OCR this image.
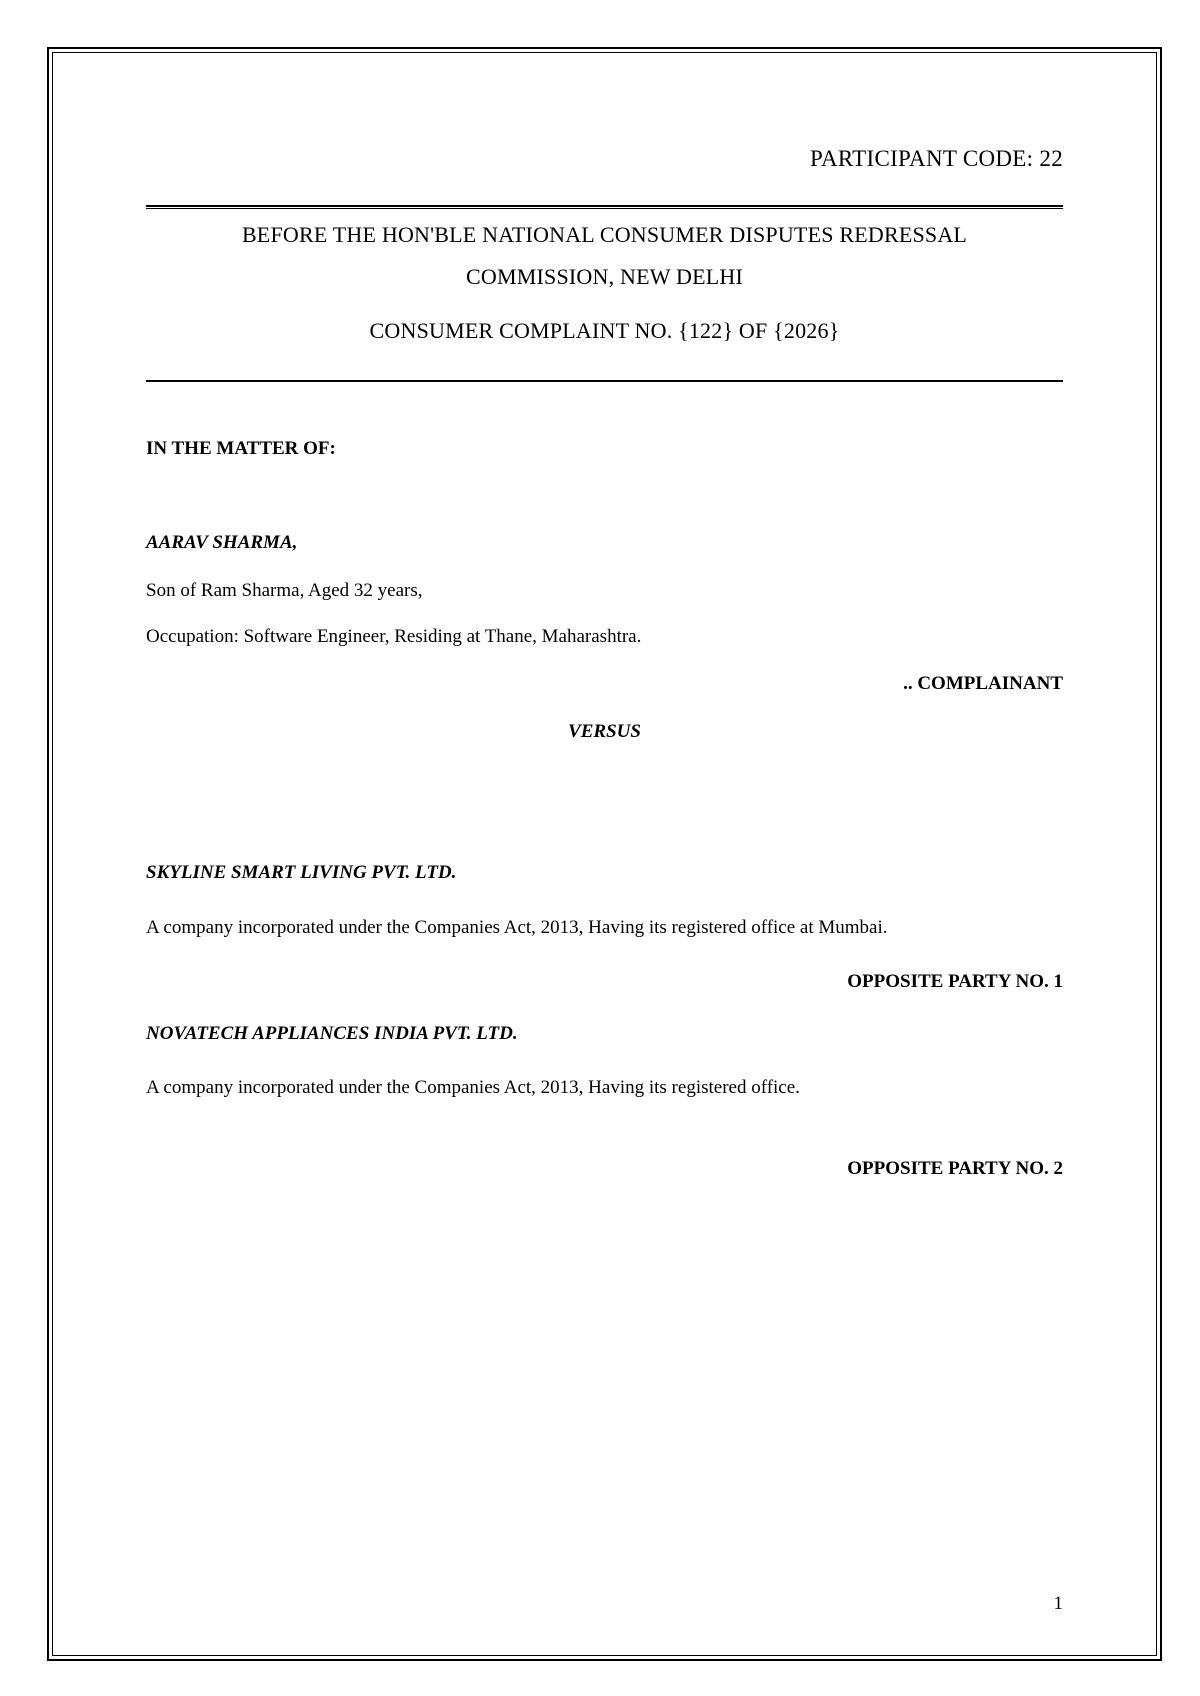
PARTICIPANT CODE: 22
BEFORE THE HON'BLE NATIONAL CONSUMER DISPUTES REDRESSAL
COMMISSION, NEW DELHI
CONSUMER COMPLAINT NO. {122} OF {2026}
IN THE MATTER OF:
AARAV SHARMA,
Son of Ram Sharma, Aged 32 years,
Occupation: Software Engineer, Residing at Thane, Maharashtra.
.. COMPLAINANT
VERSUS
SKYLINE SMART LIVING PVT. LTD.
A company incorporated under the Companies Act, 2013, Having its registered office at Mumbai.
OPPOSITE PARTY NO. 1
NOVATECH APPLIANCES INDIA PVT. LTD.
A company incorporated under the Companies Act, 2013, Having its registered office.
OPPOSITE PARTY NO. 2
1
